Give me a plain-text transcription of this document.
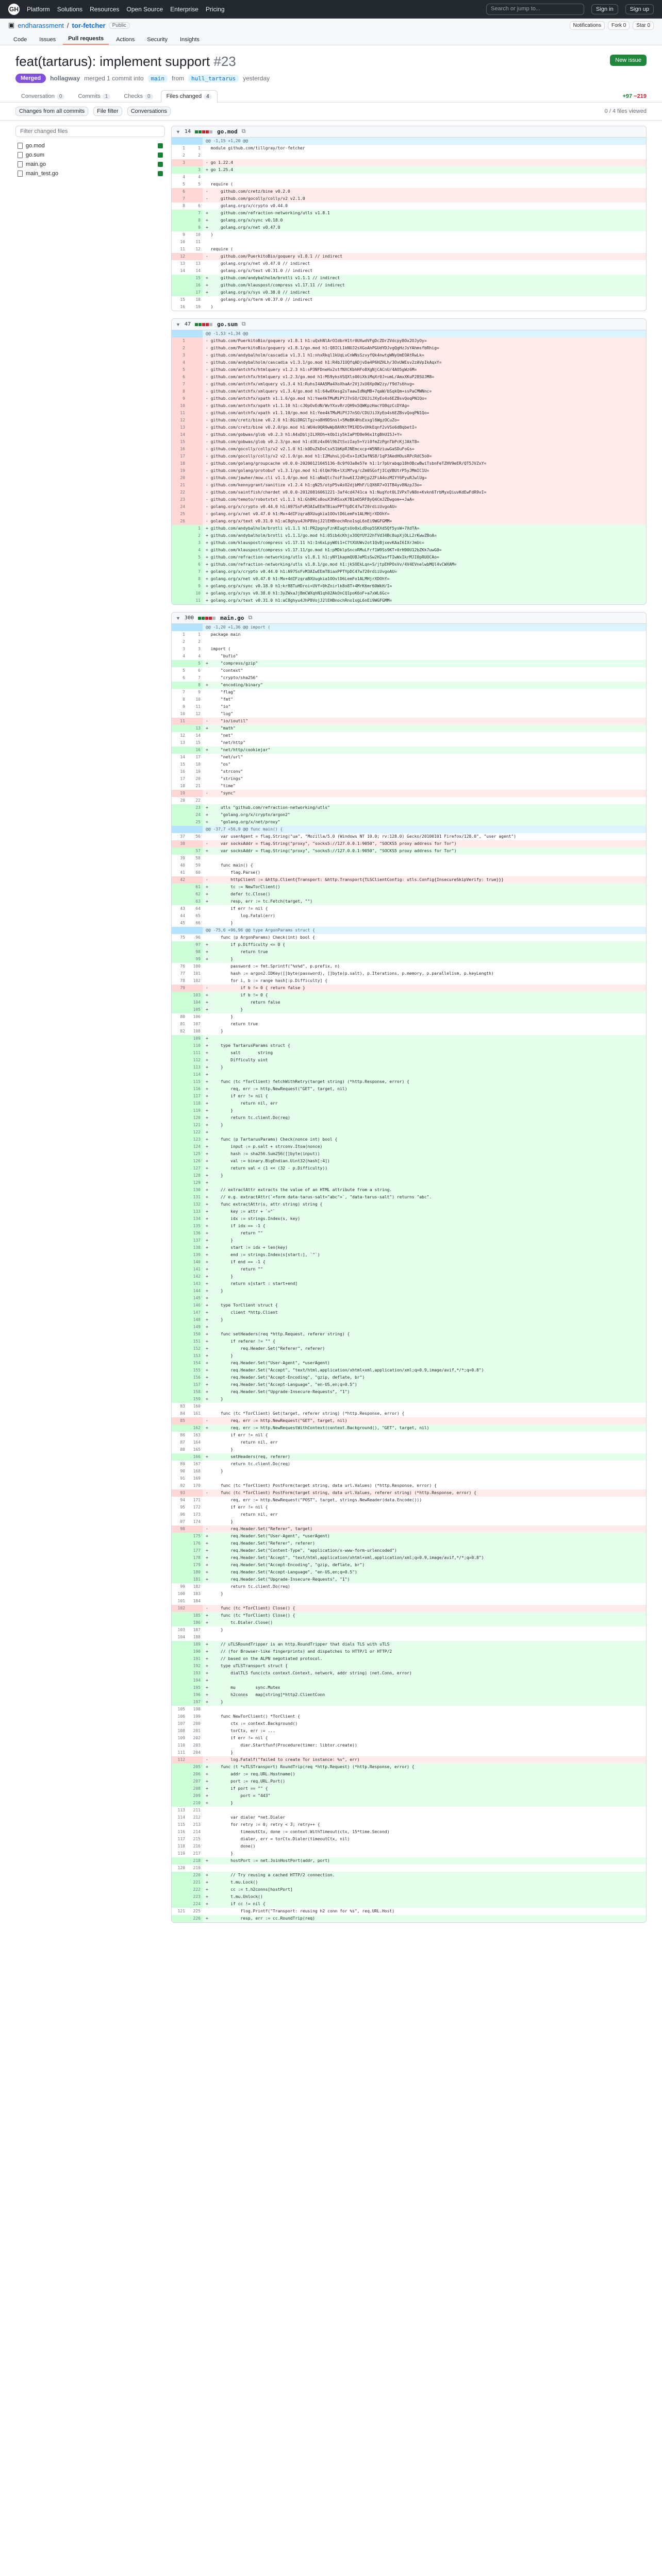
GH Platform Solutions Resources Open Source Enterprise Pricing	Search or jump to...	Sign in	Sign up
▣ endharassment / tor-fetcher	Public	Notifications	Fork 0	Star 0
Code	Issues	Pull requests	Actions	Security	Insights
feat(tartarus): implement support #23
Merged	hollagway merged 1 commit into	main	from	hull_tartarus	yesterday
New issue
Conversation 0	Commits 1	Checks 0	Files changed 4	+97 −219
Changes from all commits	File filter	Conversations	0 / 4 files viewed
Filter changed files
go.mod
go.sum
main.go
main_test.go
▼ 14	go.mod ⧉
@@ -1,15 +1,20 @@
1	1	module github.com/tillgray/tor-fetcher
2	2

3	- go 1.22.4
3	+ go 1.25.4
4	4

5	5	require (
6	-     github.com/cretz/bine v0.2.0
7	-     github.com/gocolly/colly/v2 v2.1.0
8	6	golang.org/x/crypto v0.44.0
7	+     github.com/refraction-networking/utls v1.8.1
8	+     golang.org/x/sync v0.18.0
9	+     golang.org/x/net v0.47.0
9	10	)
10	11

11	12	require (
12	-     github.com/PuerkitoBio/goquery v1.8.1 // indirect
13	13	golang.org/x/net v0.47.0 // indirect
14	14	golang.org/x/text v0.31.0 // indirect
15	+     github.com/andybalholm/brotli v1.1.1 // indirect
16	+     github.com/klauspost/compress v1.17.11 // indirect
17	+     golang.org/x/sys v0.38.0 // indirect
15	18	golang.org/x/term v0.37.0 // indirect
16	19	)
▼ 47	go.sum ⧉
@@ -1,53 +1,34 @@
1	- github.com/PuerkitoBio/goquery v1.8.1 h1:uQxhNlArOIdbrH1tr0UXwdVFgDcZDrZVdcpy8Ox2OJyOy=
2	- github.com/PuerkitoBio/goquery v1.8.1/go.mod h1:Q8ICL1kNUJ2sXGoAhPGUdYDJvgQgHzJsYAhmsfbRhig=
3	- github.com/andybalholm/cascadia v1.3.1 h1:nhxRkql1kUqLvCnWNsSzvyfQk4nwtgWNyUmEOAtRwLk=
4	- github.com/andybalholm/cascadia v1.3.1/go.mod h1:R4bJ1UQfqADjvDa4P6HZHLh/3OxUWEsv2zAVpIkAqxY=
5	- github.com/antchfx/htmlquery v1.2.3 h1:sP3NFDneHx2stfNXCKbhHFo8XgNjCACnU/4AO5gWz6M=
6	- github.com/antchfx/htmlquery v1.2.3/go.mod h1:MS9yksVSQXls00iXkiMqXr0J+umL/AmxXKuP28SUJM8=
7	- github.com/antchfx/xmlquery v1.3.4 h1:RuhsI4AA5Ma4XoXhaAr2VjJxU0Xp0W2zy/f9d7s6hvg=
8	- github.com/antchfx/xmlquery v1.3.4/go.mod h1:64w0Xesg2sTaawIdNqMB+7qaW/bSqkQm+ssPaCMWNnc=
9	- github.com/antchfx/xpath v1.1.6/go.mod h1:Yee4kTMuMiPYJ7nSO/CDUJiJXyEo4s6EZBsvQoqPN1Qo=
10	- github.com/antchfx/xpath v1.1.10 h1:cJ0pOvEdN/WvYXxvRrzQH9x5QWKpzHacYO8qzCcDYAg=
11	- github.com/antchfx/xpath v1.1.10/go.mod h1:Yee4kTMuMiPYJ7nSO/CDUJiJXyEo4s6EZBsvQoqPN1Qo=
12	- github.com/cretz/bine v0.2.0 h1:8GiDRGlTgz+o8H9DSnsl+5MeBK4HsExxgl6WgzOCuZo=
13	- github.com/cretz/bine v0.2.0/go.mod h1:WU4o9QR9wWp8AVKtTM1XD5vUHkEqnf2vVSo6dBqbetI=
14	- github.com/gobwas/glob v0.2.3 h1:A4xDbljILXROh+kObIiy5kIaPYD8e96x1tgBhUI5J+Y=
15	- github.com/gobwas/glob v0.2.3/go.mod h1:d3Ez4x06l9bZtSvzIay5+Yzi0fmZzPgnTbPcKjJAkT8=
16	- github.com/gocolly/colly/v2 v2.1.0 h1:k0DuZkDoCsx51bKpRJNEmcxcp+W5N8ziuwGaSDuFoGs=
17	- github.com/gocolly/colly/v2 v2.1.0/go.mod h1:I2MuhsLjQ+Ex+IzK3afNS8/1qP3AedHOusRPcRdC5o0=
18	- github.com/golang/groupcache v0.0.0-20200121045136-8c9f03a8e57e h1:1r7pUrabqp18hOBcwBwiTsbnFeTZHV9eER/QT5JVZxY=
19	- github.com/golang/protobuf v1.3.1/go.mod h1:6lQm79b+lXiMfvg/cZm0SGofjICqVBUtrP5yJMmIC1U=
20	- github.com/jawher/mow.cli v1.1.0/go.mod h1:aNaQlc7ozF3vw6IJ2dHjp2ZFiA4ozMIYY6PyuRJwlUg=
21	- github.com/kennygrant/sanitize v1.2.4 h1:gN25/otpP5vAsO2djbMhF/LQX6R7+O1TB4yv8NzpJ3o=
22	- github.com/saintfish/chardet v0.0.0-20120816061221-3af4cd4741ca h1:NugYot0LIVPxTvN8n+Kvkn6TrbMyxQiuvKdEwFdR9vI=
23	- github.com/temoto/robotstxt v1.1.1 h1:Gh8RCs8ouX3hRSxxK7B1mO5RFByQ4CmJZDwgom++JaA=
24	- golang.org/x/crypto v0.44.0 h1:A97SsFvM3AIwEEmTBiaxPPTYpDC47w720rdiiUvgoAU=
25	- golang.org/x/net v0.47.0 h1:Mx+4dIFzqraBXUugkia1OOvlD6LemFo1ALMHjrXDOhY=
26	- golang.org/x/text v0.31.0 h1:aC8ghyu4JhP8VojJ2lEHBnochRno1sgL6nEi9WGFGMM=
1	+ github.com/andybalholm/brotli v1.1.1 h1:PR2pgnyFznKEugtsUo0xLdDop5SKXd5Qf5ysW+7XdTA=
2	+ github.com/andybalholm/brotli v1.1.1/go.mod h1:05ib4cKhjx3OQYUY22hTVd34Bc8upXjOLL2rKwwZBoA=
3	+ github.com/klauspost/compress v1.17.11 h1:In6xLpyWOi1+C7tXUUWv2ot1QvBjxevKAaI6IXrJmUc=
4	+ github.com/klauspost/compress v1.17.11/go.mod h1:pMDklpSncoRMuLFrf1W9Ss9KT+0rH90U12bZKk7uwG0=
5	+ github.com/refraction-networking/utls v1.8.1 h1:yNY1kapmQU8JeM1sSw2H2asfTIwWxIkrMJI0pRUOCAo=
6	+ github.com/refraction-networking/utls v1.8.1/go.mod h1:jkSOEkLqn+S/jtpEHPOsVv/4V4EVnelwbMQl4vCWXAM=
7	+ golang.org/x/crypto v0.44.0 h1:A97SsFvM3AIwEEmTBiaxPPTYpDC47w720rdiiUvgoAU=
8	+ golang.org/x/net v0.47.0 h1:Mx+4dIFzqraBXUugkia1OOvlD6LemFo1ALMHjrXDOhY=
9	+ golang.org/x/sync v0.18.0 h1:kr88TuHDroi+UVf+0hZnirlk8o8T+4MrK6mr60WkH/I=
10	+ golang.org/x/sys v0.38.0 h1:3yZWxaJjBmCWXqhN1qh02AkOnCQ1poK6oF+a7xWL6Gc=
11	+ golang.org/x/text v0.31.0 h1:aC8ghyu4JhP8VojJ2lEHBnochRno1sgL6nEi9WGFGMM=
▼ 300	main.go ⧉
@@ -1,20 +1,36 @@ import (
1	1	package main
2	2

3	3	import (
4	4	"bufio"
5	+     "compress/gzip"
5	6	"context"
6	7	"crypto/sha256"
8	+     "encoding/binary"
7	9	"flag"
8	10	"fmt"
9	11	"io"
10	12	"log"
11	-     "io/ioutil"
13	+     "math"
12	14	"net"
13	15	"net/http"
16	+     "net/http/cookiejar"
14	17	"net/url"
15	18	"os"
16	19	"strconv"
17	20	"strings"
18	21	"time"
19	-     "sync"
20	22

23	+     utls "github.com/refraction-networking/utls"
24	+     "golang.org/x/crypto/argon2"
25	+     "golang.org/x/net/proxy"
@@ -37,7 +56,9 @@ func main() {
37	56	var userAgent = flag.String("ua", "Mozilla/5.0 (Windows NT 10.0; rv:128.0) Gecko/20100101 Firefox/128.0", "user agent")
38	-     var socksAddr = flag.String("proxy", "socks5://127.0.0.1:9050", "SOCKS5 proxy address for Tor")
57	+     var socksAddr = flag.String("proxy", "socks5://127.0.0.1:9050", "SOCKS5 proxy address for Tor")
39	58

40	59	func main() {
41	60	flag.Parse()
42	-         httpClient := &http.Client{Transport: &http.Transport{TLSClientConfig: utls.Config{InsecureSkipVerify: true}}}
61	+         tc := NewTorClient()
62	+         defer tc.Close()
63	+         resp, err := tc.Fetch(target, "")
43	64	if err != nil {
44	65	log.Fatal(err)
45	66	}
@@ -75,6 +96,96 @@ type ArgonParams struct {
75	96	func (p ArgonParams) Check(int) bool {
97	+         if p.Difficulty <= 0 {
98	+             return true
99	+         }
76	100	password := fmt.Sprintf("%s%d", p.prefix, n)
77	101	hash := argon2.IDKey([]byte(password), []byte(p.salt), p.Iterations, p.memory, p.parallelism, p.keyLength)
78	102	for i, b := range hash[:p.Difficulty] {
79	-             if b != 0 { return false }
103	+             if b != 0 {
104	+                 return false
105	+             }
80	106	}
81	107	return true
82	108	}
109	+
110	+     type TartarusParams struct {
111	+         salt       string
112	+         Difficulty uint
113	+     }
114	+
115	+     func (tc *TorClient) fetchWithRetry(target string) (*http.Response, error) {
116	+         req, err := http.NewRequest("GET", target, nil)
117	+         if err != nil {
118	+             return nil, err
119	+         }
120	+         return tc.client.Do(req)
121	+     }
122	+
123	+     func (p TartarusParams) Check(nonce int) bool {
124	+         input := p.salt + strconv.Itoa(nonce)
125	+         hash := sha256.Sum256([]byte(input))
126	+         val := binary.BigEndian.Uint32(hash[:4])
127	+         return val < (1 << (32 - p.Difficulty))
128	+     }
129	+
130	+     // extractAttr extracts the value of an HTML attribute from a string.
131	+     // e.g. extractAttr(`<form data-tarus-salt="abc">`, "data-tarus-salt") returns "abc".
132	+     func extractAttr(s, attr string) string {
133	+         key := attr + `="`
134	+         idx := strings.Index(s, key)
135	+         if idx == -1 {
136	+             return ""
137	+         }
138	+         start := idx + len(key)
139	+         end := strings.Index(s[start:], `"`)
140	+         if end == -1 {
141	+             return ""
142	+         }
143	+         return s[start : start+end]
144	+     }
145	+
146	+     type TorClient struct {
147	+         client *http.Client
148	+     }
149	+
150	+     func setHeaders(req *http.Request, referer string) {
151	+         if referer != "" {
152	+             req.Header.Set("Referer", referer)
153	+         }
154	+         req.Header.Set("User-Agent", *userAgent)
155	+         req.Header.Set("Accept", "text/html,application/xhtml+xml,application/xml;q=0.9,image/avif,*/*;q=0.8")
156	+         req.Header.Set("Accept-Encoding", "gzip, deflate, br")
157	+         req.Header.Set("Accept-Language", "en-US,en;q=0.5")
158	+         req.Header.Set("Upgrade-Insecure-Requests", "1")
159	+     }
83	160

84	161	func (tc *TorClient) Get(target, referer string) (*http.Response, error) {
85	-         req, err := http.NewRequest("GET", target, nil)
162	+         req, err := http.NewRequestWithContext(context.Background(), "GET", target, nil)
86	163	if err != nil {
87	164	return nil, err
88	165	}
166	+         setHeaders(req, referer)
89	167	return tc.client.Do(req)
90	168	}
91	169

92	170	func (tc *TorClient) PostForm(target string, data url.Values) (*http.Response, error) {
93	-     func (tc *TorClient) PostForm(target string, data url.Values, referer string) (*http.Response, error) {
94	171	req, err := http.NewRequest("POST", target, strings.NewReader(data.Encode()))
95	172	if err != nil {
96	173	return nil, err
97	174	}
98	-         req.Header.Set("Referer", target)
175	+         req.Header.Set("User-Agent", *userAgent)
176	+         req.Header.Set("Referer", referer)
177	+         req.Header.Set("Content-Type", "application/x-www-form-urlencoded")
178	+         req.Header.Set("Accept", "text/html,application/xhtml+xml,application/xml;q=0.9,image/avif,*/*;q=0.8")
179	+         req.Header.Set("Accept-Encoding", "gzip, deflate, br")
180	+         req.Header.Set("Accept-Language", "en-US,en;q=0.5")
181	+         req.Header.Set("Upgrade-Insecure-Requests", "1")
99	182	return tc.client.Do(req)
100	183	}
101	184

102	-     func (tc *TorClient) Close() {
185	+     func (tc *TorClient) Close() {
186	+         tc.Dialer.Close()
103	187	}
104	188

189	+     // uTLSRoundTripper is an http.RoundTripper that dials TLS with uTLS
190	+     // (for Browser-like fingerprints) and dispatches to HTTP/1 or HTTP/2
191	+     // based on the ALPN negotiated protocol.
192	+     type uTLSTransport struct {
193	+         dialTLS func(ctx context.Context, network, addr string) (net.Conn, error)
194	+
195	+         mu        sync.Mutex
196	+         h2conns   map[string]*http2.ClientConn
197	+     }
105	198

106	199	func NewTorClient() *TorClient {
107	200	ctx := context.Background()
108	201	torCtx, err := ...
109	202	if err != nil {
110	203	dier.Startfunf(Procedure(timer: libtor.create))
111	204	}
112	-         log.Fatalf("failed to create Tor instance: %v", err)
205	+     func (t *uTLSTransport) RoundTrip(req *http.Request) (*http.Response, error) {
206	+         addr := req.URL.Hostname()
207	+         port := req.URL.Port()
208	+         if port == "" {
209	+             port = "443"
210	+         }
113	211

114	212	var dialer *net.Dialer
115	213	for retry := 0; retry < 3; retry++ {
116	214	timeoutCtx, done := context.WithTimeout(ctx, 15*time.Second)
117	215	dialer, err = torCtx.Dialer(timeoutCtx, nil)
118	216	done()
119	217	}
218	+         hostPort := net.JoinHostPort(addr, port)
120	219

220	+         // Try reusing a cached HTTP/2 connection.
221	+         t.mu.Lock()
222	+         cc := t.h2conns[hostPort]
223	+         t.mu.Unlock()
224	+         if cc != nil {
121	225	flog.Printf("Transport: reusing h2 conn for %s", req.URL.Host)
226	+             resp, err := cc.RoundTrip(req)
